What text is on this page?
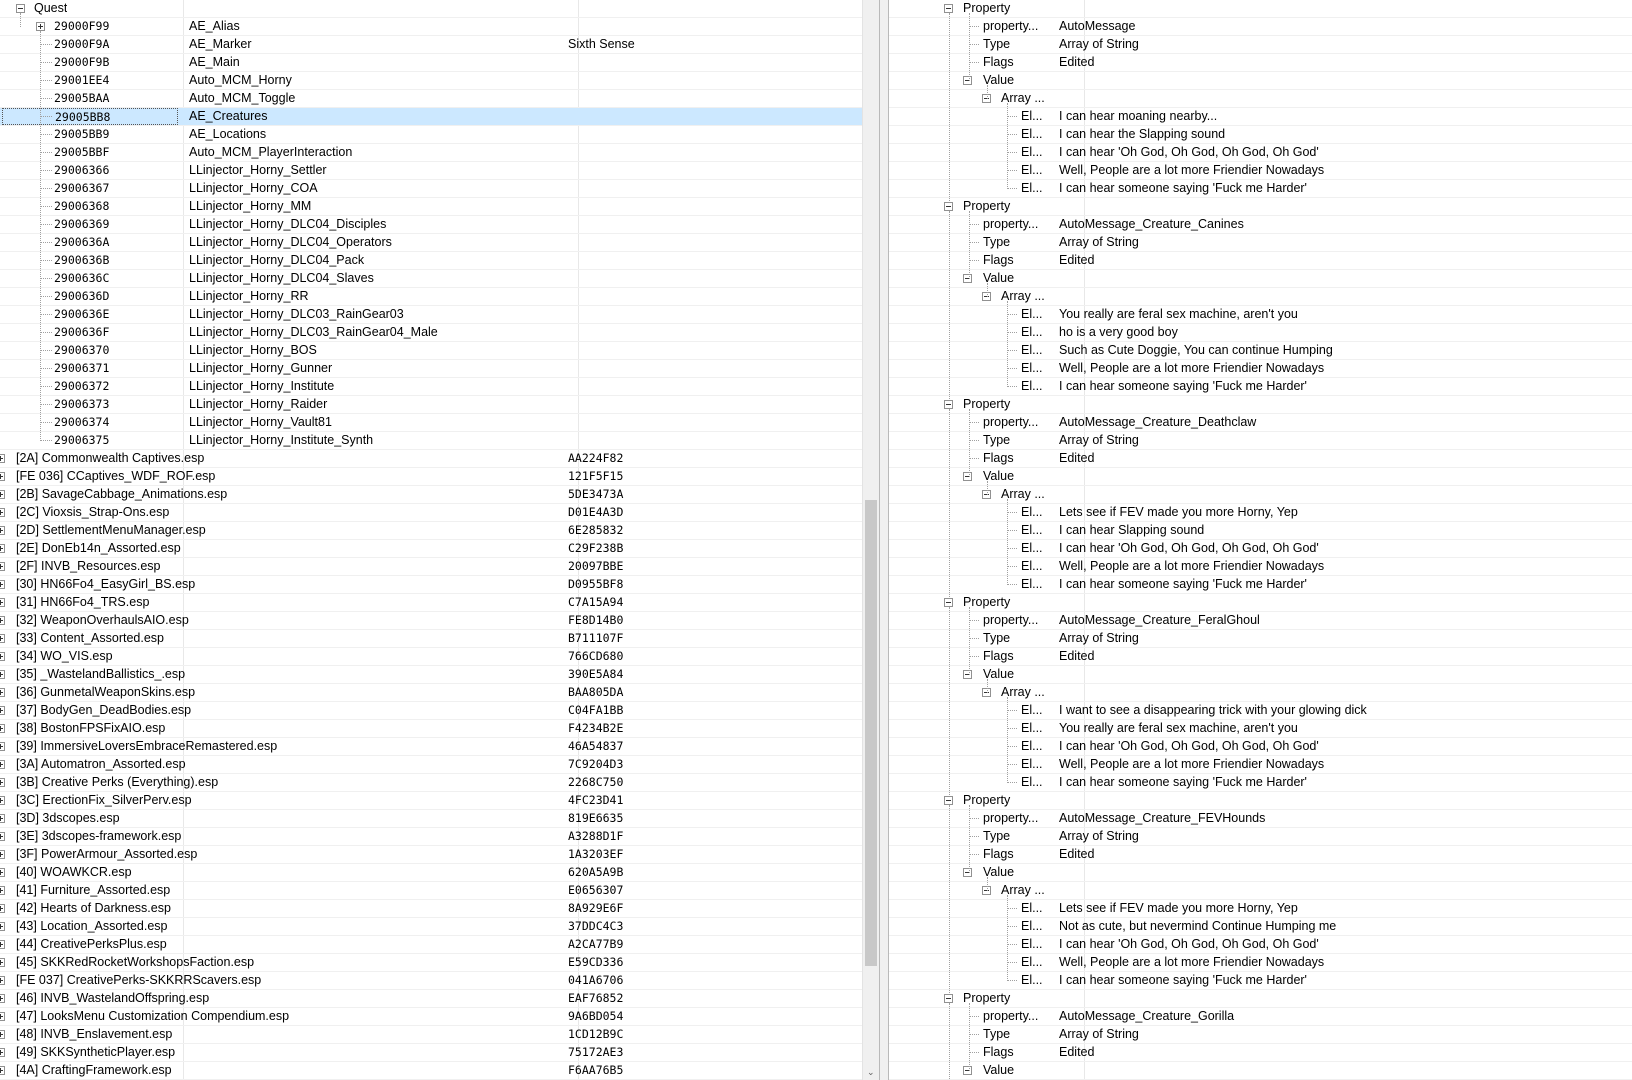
Quest
29000F99	AE_Alias
29000F9A	AE_Marker	Sixth Sense
29000F9B	AE_Main
29001EE4	Auto_MCM_Horny
29005BAA	Auto_MCM_Toggle
29005BB8	AE_Creatures
29005BB9	AE_Locations
29005BBF	Auto_MCM_PlayerInteraction
29006366	LLinjector_Horny_Settler
29006367	LLinjector_Horny_COA
29006368	LLinjector_Horny_MM
29006369	LLinjector_Horny_DLC04_Disciples
2900636A	LLinjector_Horny_DLC04_Operators
2900636B	LLinjector_Horny_DLC04_Pack
2900636C	LLinjector_Horny_DLC04_Slaves
2900636D	LLinjector_Horny_RR
2900636E	LLinjector_Horny_DLC03_RainGear03
2900636F	LLinjector_Horny_DLC03_RainGear04_Male
29006370	LLinjector_Horny_BOS
29006371	LLinjector_Horny_Gunner
29006372	LLinjector_Horny_Institute
29006373	LLinjector_Horny_Raider
29006374	LLinjector_Horny_Vault81
29006375	LLinjector_Horny_Institute_Synth
[2A] Commonwealth Captives.esp	AA224F82
[FE 036] CCaptives_WDF_ROF.esp	121F5F15
[2B] SavageCabbage_Animations.esp	5DE3473A
[2C] Vioxsis_Strap-Ons.esp	D01E4A3D
[2D] SettlementMenuManager.esp	6E285832
[2E] DonEb14n_Assorted.esp	C29F238B
[2F] INVB_Resources.esp	20097BBE
[30] HN66Fo4_EasyGirl_BS.esp	D0955BF8
[31] HN66Fo4_TRS.esp	C7A15A94
[32] WeaponOverhaulsAIO.esp	FE8D14B0
[33] Content_Assorted.esp	B711107F
[34] WO_VIS.esp	766CD680
[35] _WastelandBallistics_.esp	390E5A84
[36] GunmetalWeaponSkins.esp	BAA805DA
[37] BodyGen_DeadBodies.esp	C04FA1BB
[38] BostonFPSFixAIO.esp	F4234B2E
[39] ImmersiveLoversEmbraceRemastered.esp	46A54837
[3A] Automatron_Assorted.esp	7C9204D3
[3B] Creative Perks (Everything).esp	2268C750
[3C] ErectionFix_SilverPerv.esp	4FC23D41
[3D] 3dscopes.esp	819E6635
[3E] 3dscopes-framework.esp	A3288D1F
[3F] PowerArmour_Assorted.esp	1A3203EF
[40] WOAWKCR.esp	620A5A9B
[41] Furniture_Assorted.esp	E0656307
[42] Hearts of Darkness.esp	8A929E6F
[43] Location_Assorted.esp	37DDC4C3
[44] CreativePerksPlus.esp	A2CA77B9
[45] SKKRedRocketWorkshopsFaction.esp	E59CD336
[FE 037] CreativePerks-SKKRRScavers.esp	041A6706
[46] INVB_WastelandOffspring.esp	EAF76852
[47] LooksMenu Customization Compendium.esp	9A6BD054
[48] INVB_Enslavement.esp	1CD12B9C
[49] SKKSyntheticPlayer.esp	75172AE3
[4A] CraftingFramework.esp	F6AA76B5	⌄
Property
property...	AutoMessage
Type	Array of String
Flags	Edited
Value
Array ...
El...	I can hear moaning nearby...
El...	I can hear the Slapping sound
El...	I can hear 'Oh God, Oh God, Oh God, Oh God'
El...	Well, People are a lot more Friendier Nowadays
El...	I can hear someone saying 'Fuck me Harder'
Property
property...	AutoMessage_Creature_Canines
Type	Array of String
Flags	Edited
Value
Array ...
El...	You really are feral sex machine, aren't you
El...	ho is a very good boy
El...	Such as Cute Doggie, You can continue Humping
El...	Well, People are a lot more Friendier Nowadays
El...	I can hear someone saying 'Fuck me Harder'
Property
property...	AutoMessage_Creature_Deathclaw
Type	Array of String
Flags	Edited
Value
Array ...
El...	Lets see if FEV made you more Horny, Yep
El...	I can hear Slapping sound
El...	I can hear 'Oh God, Oh God, Oh God, Oh God'
El...	Well, People are a lot more Friendier Nowadays
El...	I can hear someone saying 'Fuck me Harder'
Property
property...	AutoMessage_Creature_FeralGhoul
Type	Array of String
Flags	Edited
Value
Array ...
El...	I want to see a disappearing trick with your glowing dick
El...	You really are feral sex machine, aren't you
El...	I can hear 'Oh God, Oh God, Oh God, Oh God'
El...	Well, People are a lot more Friendier Nowadays
El...	I can hear someone saying 'Fuck me Harder'
Property
property...	AutoMessage_Creature_FEVHounds
Type	Array of String
Flags	Edited
Value
Array ...
El...	Lets see if FEV made you more Horny, Yep
El...	Not as cute, but nevermind Continue Humping me
El...	I can hear 'Oh God, Oh God, Oh God, Oh God'
El...	Well, People are a lot more Friendier Nowadays
El...	I can hear someone saying 'Fuck me Harder'
Property
property...	AutoMessage_Creature_Gorilla
Type	Array of String
Flags	Edited
Value
